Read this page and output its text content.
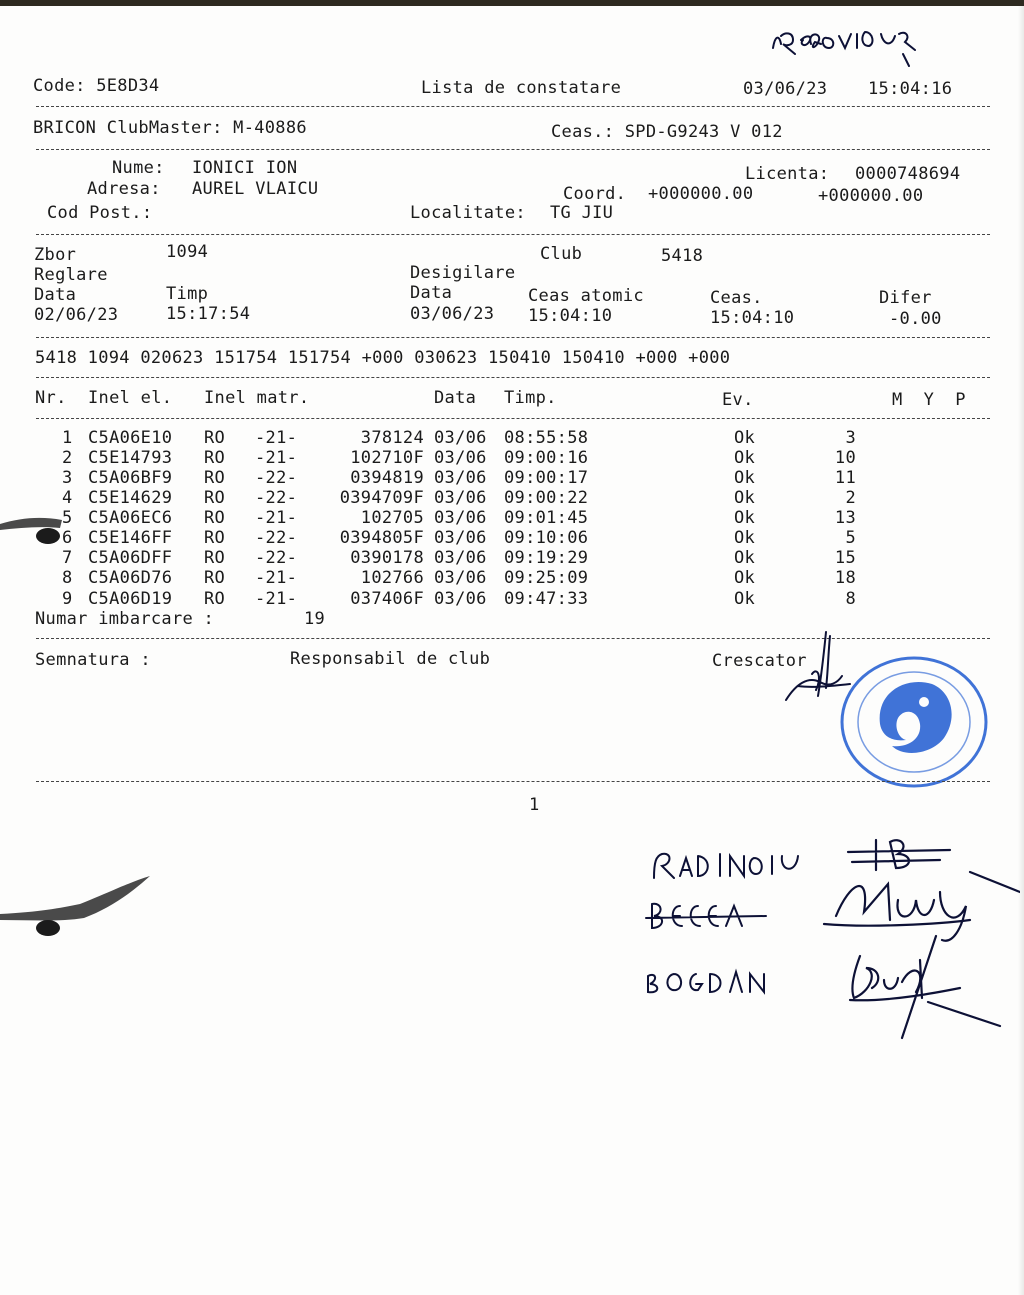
Code: 5E8D34	Lista de constatare	03/06/23 15:04:16
BRICON ClubMaster: M-40886	Ceas.: SPD-G9243 V 012
Nume: IONICI ION
Adresa: AUREL VLAICU
Cod Post.:
Licenta: 0000748694
Coord. +000000.00	+000000.00
Localitate: TG JIU
Zbor	1094	Club	5418
Reglare	Desigilare
Data	Timp	Data	Ceas atomic	Ceas.	Difer
02/06/23	15:17:54	03/06/23 15:04:10	15:04:10	-0.00
5418 1094 020623 151754 151754 +000 030623 150410 150410 +000 +000
Nr. Inel el. Inel matr.	Data Timp.	Ev.	M  Y  P
1 C5A06E10 RO -21-	378124 03/06 08:55:58	Ok	3
2 C5E14793 RO -21-	102710F 03/06 09:00:16	Ok	10
3 C5A06BF9 RO -22-	0394819 03/06 09:00:17	Ok	11
4 C5E14629 RO -22-	0394709F 03/06 09:00:22	Ok	2
5 C5A06EC6 RO -21-	102705 03/06 09:01:45	Ok	13
6 C5E146FF RO -22-	0394805F 03/06 09:10:06	Ok	5
7 C5A06DFF RO -22-	0390178 03/06 09:19:29	Ok	15
8 C5A06D76 RO -21-	102766 03/06 09:25:09	Ok	18
9 C5A06D19 RO -21-	037406F 03/06 09:47:33	Ok	8
Numar imbarcare :	19
Semnatura :	Responsabil de club	Crescator
1
